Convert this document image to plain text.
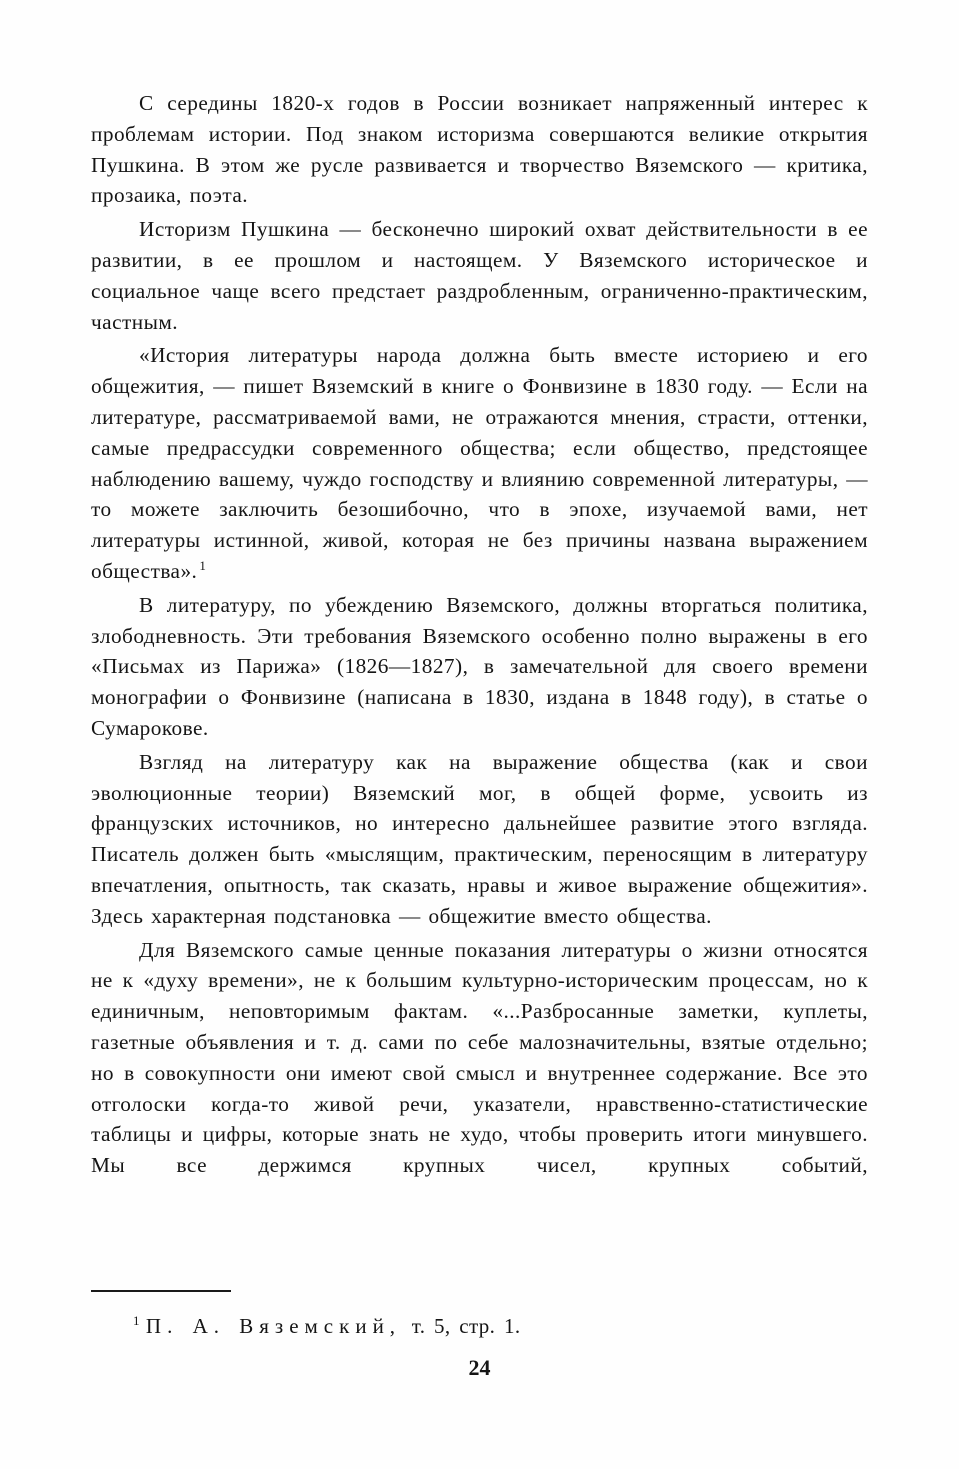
С середины 1820-х годов в России возникает напряженный интерес к проблемам истории. Под знаком историзма совершаются великие открытия Пушкина. В этом же русле развивается и творчество Вяземского — критика, прозаика, поэта.

Историзм Пушкина — бесконечно широкий охват действительности в ее развитии, в ее прошлом и настоящем. У Вяземского историческое и социальное чаще всего предстает раздробленным, ограниченно-практическим, частным.

«История литературы народа должна быть вместе историею и его общежития, — пишет Вяземский в книге о Фонвизине в 1830 году. — Если на литературе, рассматриваемой вами, не отражаются мнения, страсти, оттенки, самые предрассудки современного общества; если общество, предстоящее наблюдению вашему, чуждо господству и влиянию современной литературы, — то можете заключить безошибочно, что в эпохе, изучаемой вами, нет литературы истинной, живой, которая не без причины названа выражением общества». $^1$

В литературу, по убеждению Вяземского, должны вторгаться политика, злободневность. Эти требования Вяземского особенно полно выражены в его «Письмах из Парижа» (1826—1827), в замечательной для своего времени монографии о Фонвизине (написана в 1830, издана в 1848 году), в статье о Сумарокове.

Взгляд на литературу как на выражение общества (как и свои эволюционные теории) Вяземский мог, в общей форме, усвоить из французских источников, но интересно дальнейшее развитие этого взгляда. Писатель должен быть «мыслящим, практическим, переносящим в литературу впечатления, опытность, так сказать, нравы и живое выражение общежития». Здесь характерная подстановка — общежитие вместо общества.

Для Вяземского самые ценные показания литературы о жизни относятся не к «духу времени», не к большим культурно-историческим процессам, но к единичным, неповторимым фактам. «...Разбросанные заметки, куплеты, газетные объявления и т. д. сами по себе малозначительны, взятые отдельно; но в совокупности они имеют свой смысл и внутреннее содержание. Все это отголоски когда-то живой речи, указатели, нравственно-статистические таблицы и цифры, которые знать не худо, чтобы проверить итоги минувшего. Мы все держимся крупных чисел, крупных событий,

$^1$ П. А. Вяземский, т. 5, стр. 1.
24
